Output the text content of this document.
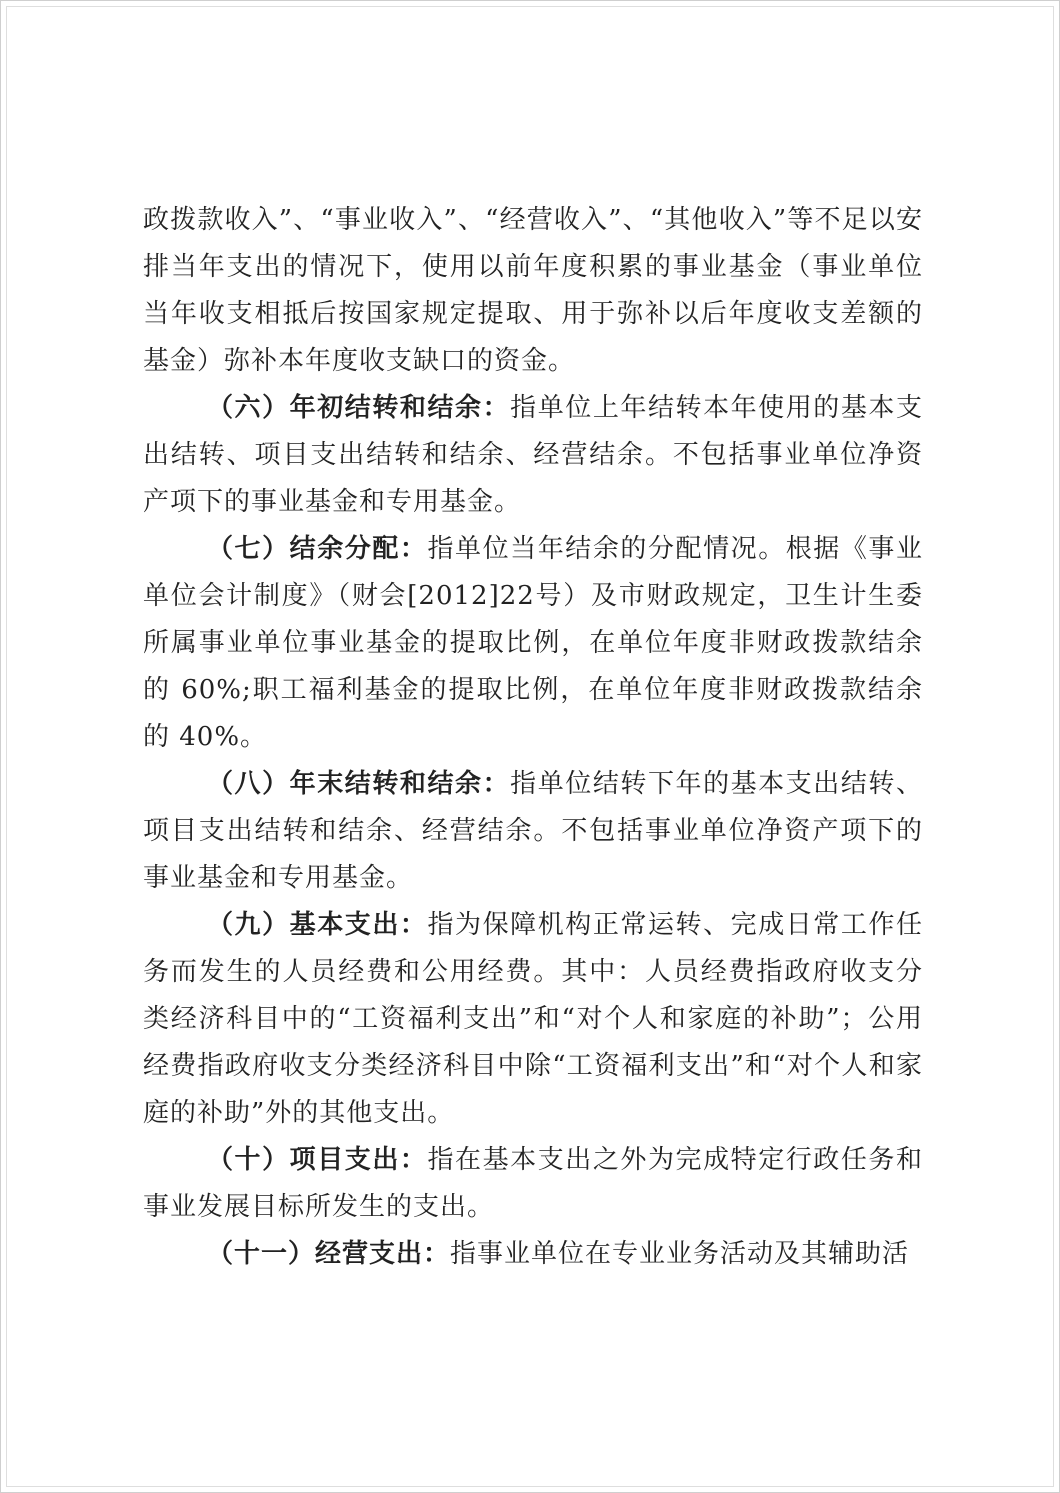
政拨款收入”、“事业收入”、“经营收入”、“其他收入”等不足以安排当年支出的情况下，使用以前年度积累的事业基金（事业单位当年收支相抵后按国家规定提取、用于弥补以后年度收支差额的基金）弥补本年度收支缺口的资金。

（六）年初结转和结余：指单位上年结转本年使用的基本支出结转、项目支出结转和结余、经营结余。不包括事业单位净资产项下的事业基金和专用基金。

（七）结余分配：指单位当年结余的分配情况。根据《事业单位会计制度》（财会[2012]22号）及市财政规定，卫生计生委所属事业单位事业基金的提取比例，在单位年度非财政拨款结余的 60%;职工福利基金的提取比例，在单位年度非财政拨款结余的 40%。

（八）年末结转和结余：指单位结转下年的基本支出结转、项目支出结转和结余、经营结余。不包括事业单位净资产项下的事业基金和专用基金。

（九）基本支出：指为保障机构正常运转、完成日常工作任务而发生的人员经费和公用经费。其中：人员经费指政府收支分类经济科目中的“工资福利支出”和“对个人和家庭的补助”；公用经费指政府收支分类经济科目中除“工资福利支出”和“对个人和家庭的补助”外的其他支出。

（十）项目支出：指在基本支出之外为完成特定行政任务和事业发展目标所发生的支出。

（十一）经营支出：指事业单位在专业业务活动及其辅助活
